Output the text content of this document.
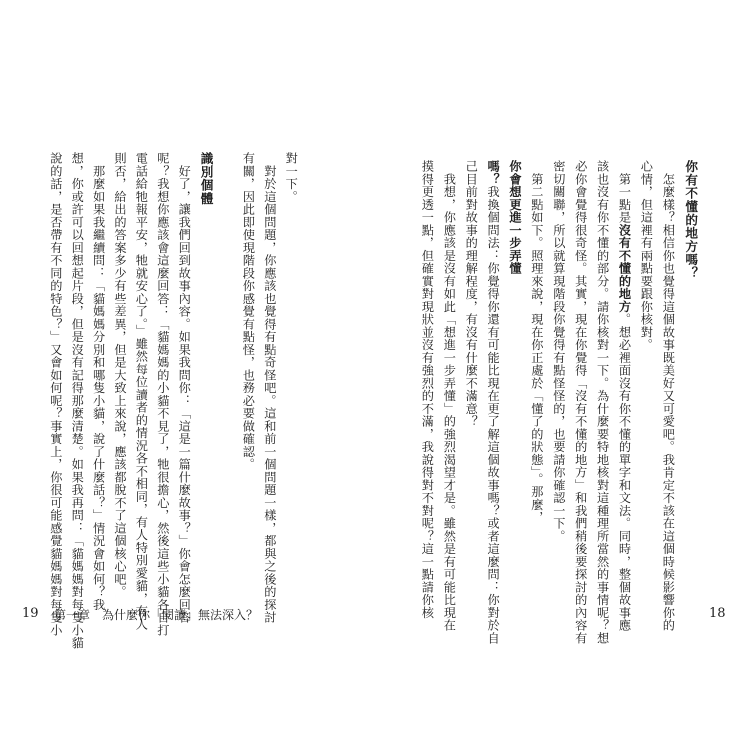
你有不懂的地方嗎？
　怎麼樣？相信你也覺得這個故事既美好又可愛吧。我肯定不該在這個時候影響你的
心情，但這裡有兩點要跟你核對。
　第一點是沒有不懂的地方。想必裡面沒有你不懂的單字和文法。同時，整個故事應
該也沒有你不懂的部分。請你核對一下。為什麼要特地核對這種理所當然的事情呢？想
必你會覺得很奇怪。其實，現在你覺得「沒有不懂的地方」和我們稍後要探討的內容有
密切關聯，所以就算現階段你覺得有點怪怪的，也要請你確認一下。
　第二點如下。照理來說，現在你正處於「懂了的狀態」。那麼，
你會想更進一步弄懂
嗎？我換個問法：你覺得你還有可能比現在更了解這個故事嗎？或者這麼問：你對於自
己目前對故事的理解程度，有沒有什麼不滿意？
　我想，你應該是沒有如此「想進一步弄懂」的強烈渴望才是。雖然是有可能比現在
摸得更透一點，但確實對現狀並沒有強烈的不滿，我說得對不對呢？這一點請你核
對一下。
　對於這個問題，你應該也覺得有點奇怪吧。這和前一個問題一樣，都與之後的探討
有關，因此即使現階段你感覺有點怪，也務必要做確認。
識別個體
　好了，讓我們回到故事內容。如果我問你：「這是一篇什麼故事？」你會怎麼回答
呢？我想你應該會這麼回答：「貓媽媽的小貓不見了，牠很擔心，然後這些小貓各自打
電話給牠報平安，牠就安心了。」雖然每位讀者的情況各不相同，有人特別愛貓，有人
則否，給出的答案多少有些差異，但是大致上來說，應該都脫不了這個核心吧。
　那麼如果我繼續問：「貓媽媽分別和哪隻小貓，說了什麼話？」情況會如何？我
想，你或許可以回想起片段，但是沒有記得那麼清楚。如果我再問：「貓媽媽對每隻小貓
說的話，是否帶有不同的特色？」又會如何呢？事實上，你很可能感覺貓媽媽對每隻小
第一章　為什麼你「閱讀」無法深入？
19	18
